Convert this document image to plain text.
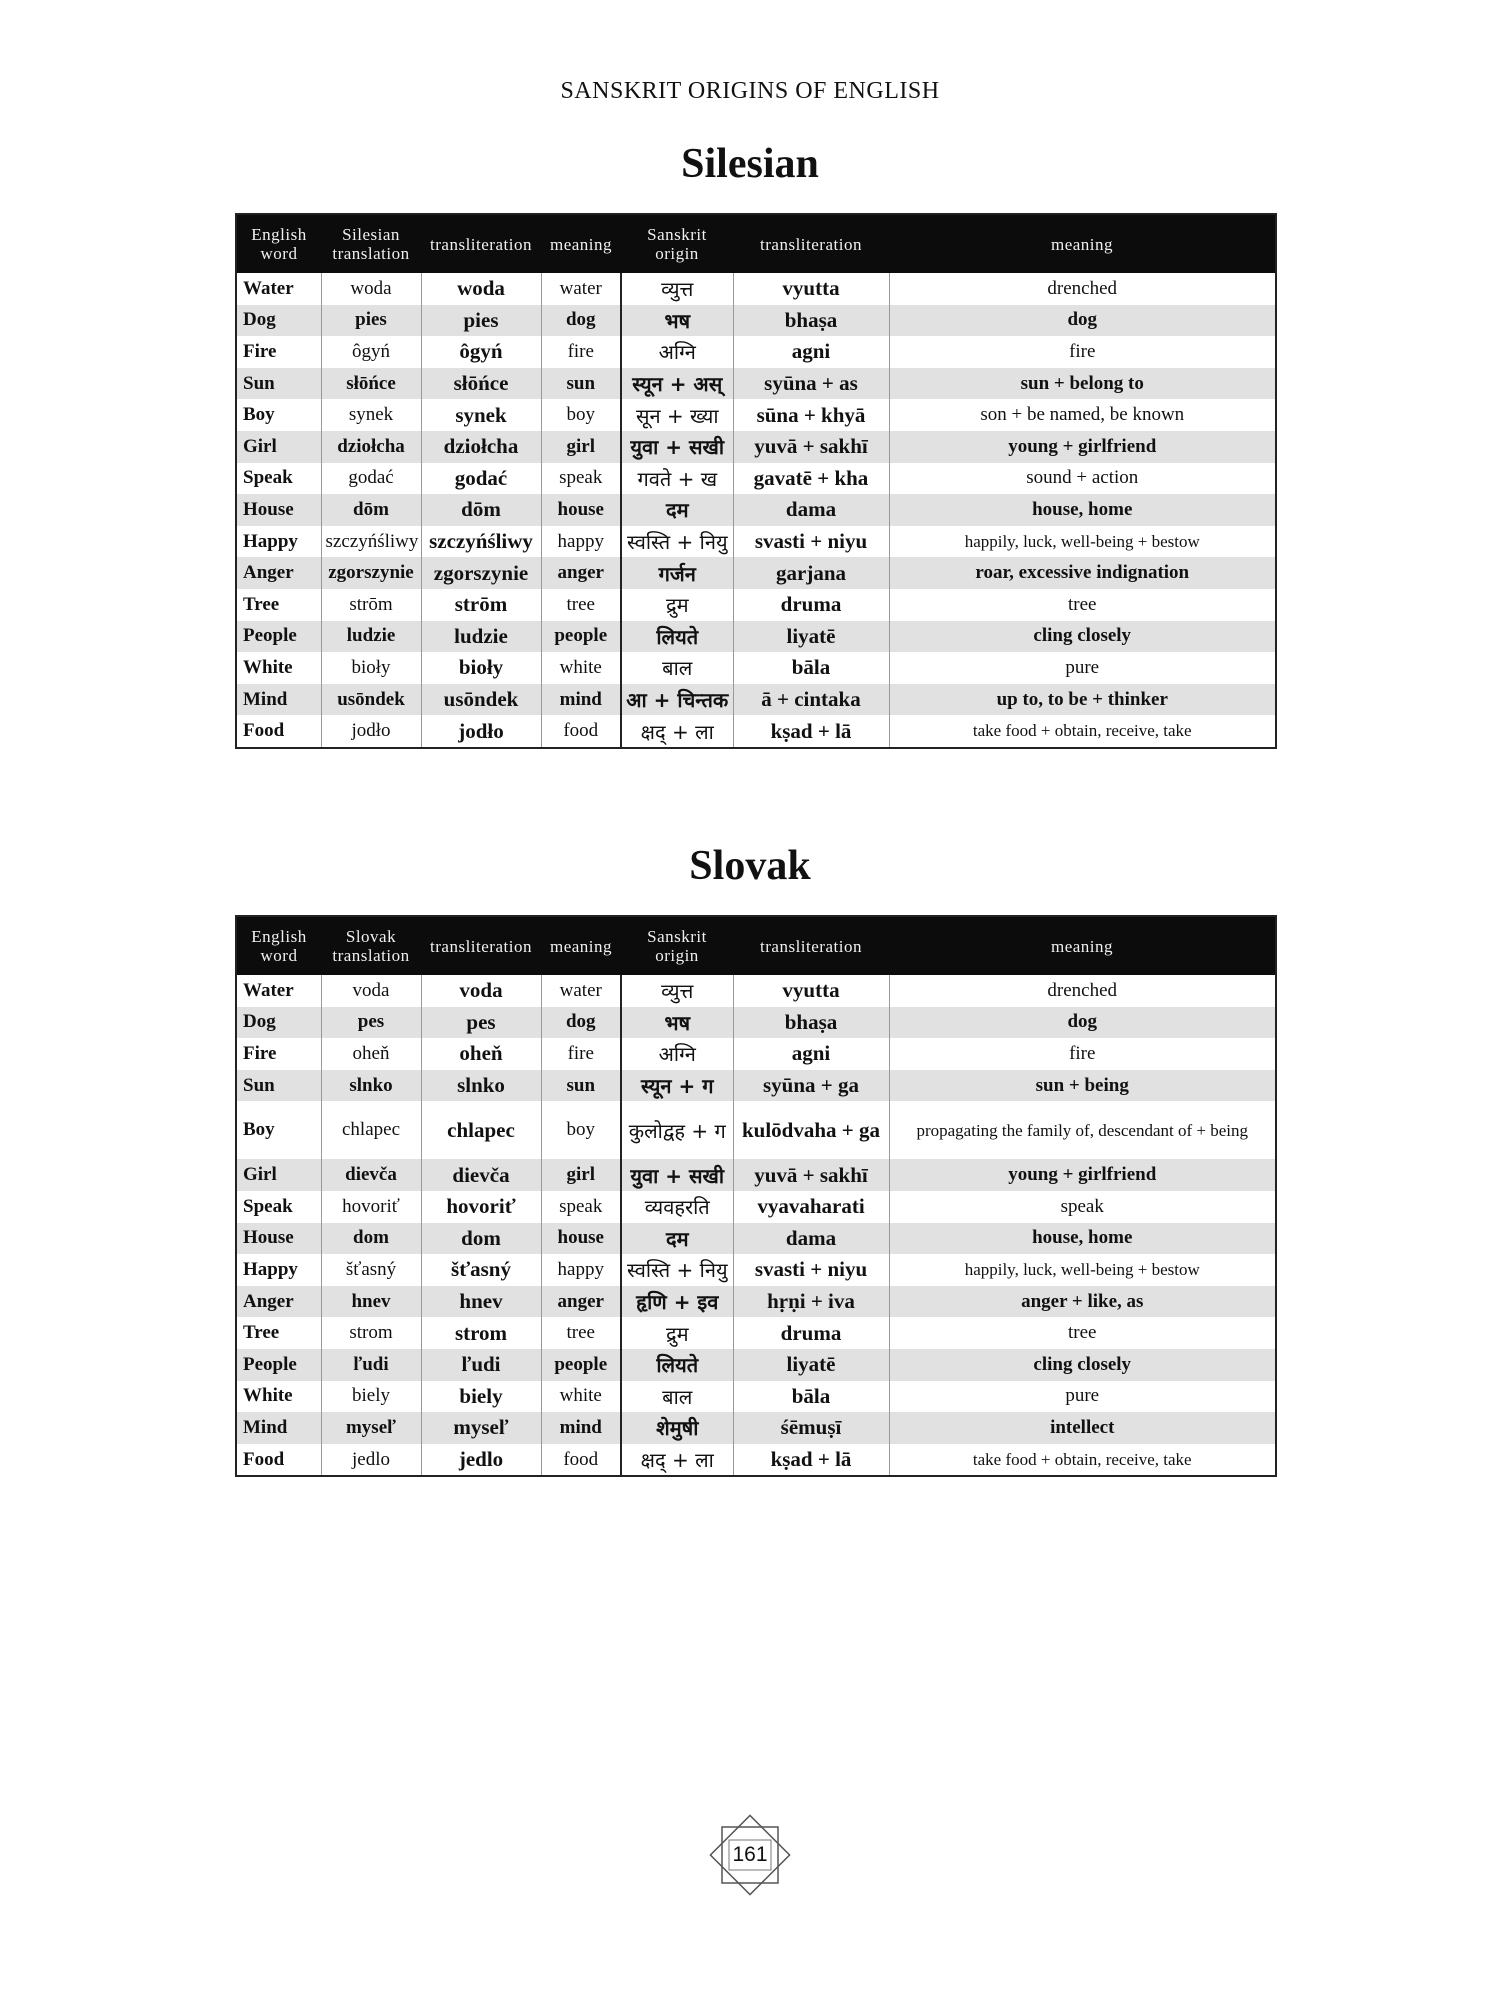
SANSKRIT ORIGINS OF ENGLISH
Silesian
English word	Silesian translation	transliteration	meaning	Sanskrit origin	transliteration	meaning
Water	woda	woda	water	व्युत्त	vyutta	drenched
Dog	pies	pies	dog	भष	bhaṣa	dog
Fire	ôgyń	ôgyń	fire	अग्नि	agni	fire
Sun	słōńce	słōńce	sun	स्यून + अस्	syūna + as	sun + belong to
Boy	synek	synek	boy	सून + ख्या	sūna + khyā	son + be named, be known
Girl	dziołcha	dziołcha	girl	युवा + सखी	yuvā + sakhī	young + girlfriend
Speak	godać	godać	speak	गवते + ख	gavatē + kha	sound + action
House	dōm	dōm	house	दम	dama	house, home
Happy	szczyńśliwy	szczyńśliwy	happy	स्वस्ति + नियु	svasti + niyu	happily, luck, well-being + bestow
Anger	zgorszynie	zgorszynie	anger	गर्जन	garjana	roar, excessive indignation
Tree	strōm	strōm	tree	द्रुम	druma	tree
People	ludzie	ludzie	people	लियते	liyatē	cling closely
White	bioły	bioły	white	बाल	bāla	pure
Mind	usōndek	usōndek	mind	आ + चिन्तक	ā + cintaka	up to, to be + thinker
Food	jodło	jodło	food	क्षद् + ला	kṣad + lā	take food + obtain, receive, take
Slovak
English word	Slovak translation	transliteration	meaning	Sanskrit origin	transliteration	meaning
Water	voda	voda	water	व्युत्त	vyutta	drenched
Dog	pes	pes	dog	भष	bhaṣa	dog
Fire	oheň	oheň	fire	अग्नि	agni	fire
Sun	slnko	slnko	sun	स्यून + ग	syūna + ga	sun + being
Boy	chlapec	chlapec	boy	कुलोद्वह + ग	kulōdvaha + ga	propagating the family of, descendant of + being
Girl	dievča	dievča	girl	युवा + सखी	yuvā + sakhī	young + girlfriend
Speak	hovoriť	hovoriť	speak	व्यवहरति	vyavaharati	speak
House	dom	dom	house	दम	dama	house, home
Happy	šťasný	šťasný	happy	स्वस्ति + नियु	svasti + niyu	happily, luck, well-being + bestow
Anger	hnev	hnev	anger	हृणि + इव	hṛṇi + iva	anger + like, as
Tree	strom	strom	tree	द्रुम	druma	tree
People	ľudi	ľudi	people	लियते	liyatē	cling closely
White	biely	biely	white	बाल	bāla	pure
Mind	myseľ	myseľ	mind	शेमुषी	śēmuṣī	intellect
Food	jedlo	jedlo	food	क्षद् + ला	kṣad + lā	take food + obtain, receive, take
161
